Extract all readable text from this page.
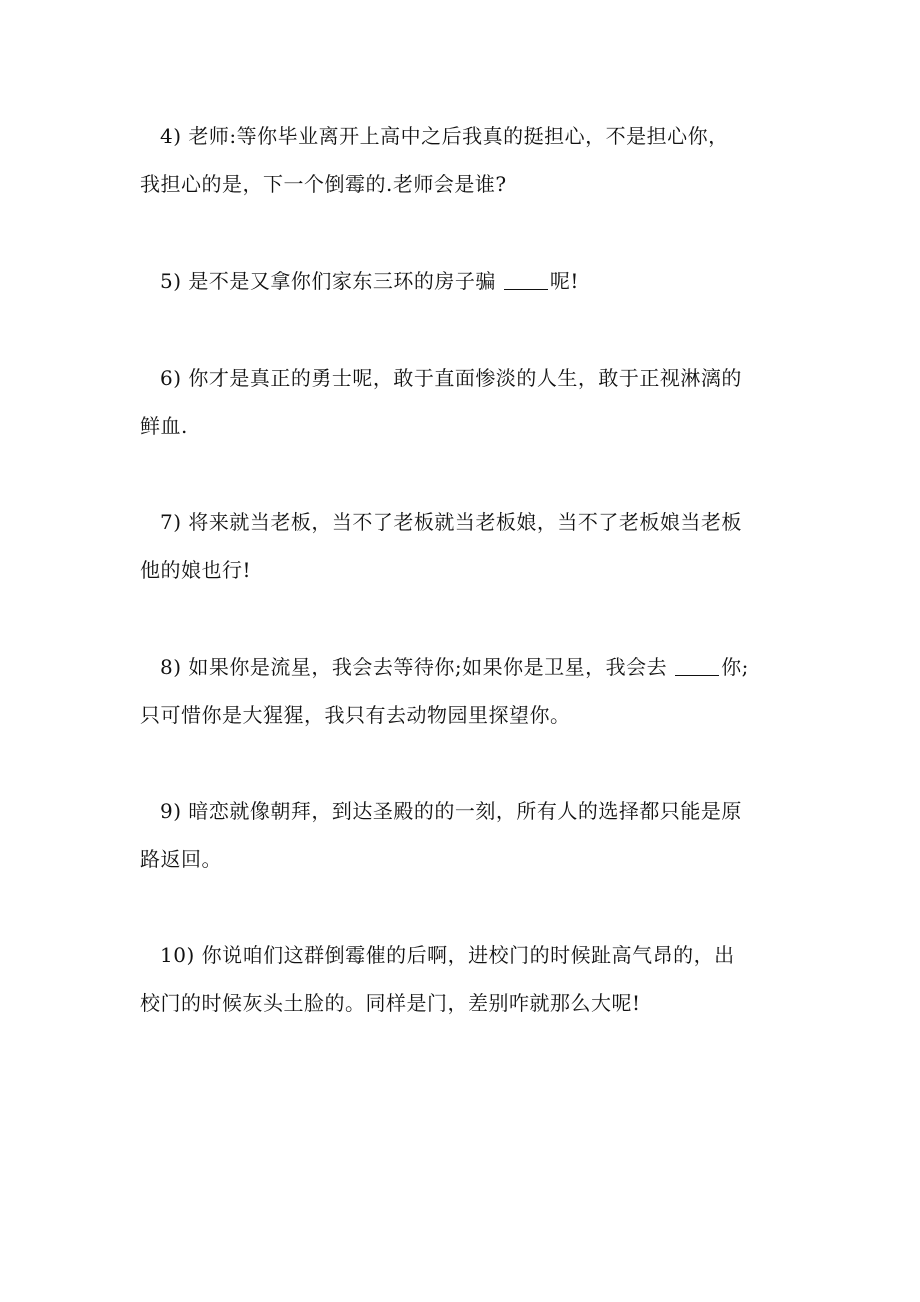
4) 老师:等你毕业离开上高中之后我真的挺担心，不是担心你，
我担心的是，下一个倒霉的.老师会是谁?

5) 是不是又拿你们家东三环的房子骗	呢!

6) 你才是真正的勇士呢，敢于直面惨淡的人生，敢于正视淋漓的
鲜血.

7) 将来就当老板，当不了老板就当老板娘，当不了老板娘当老板
他的娘也行!

8) 如果你是流星，我会去等待你;如果你是卫星，我会去	你;
只可惜你是大猩猩，我只有去动物园里探望你。

9) 暗恋就像朝拜，到达圣殿的的一刻，所有人的选择都只能是原
路返回。

10) 你说咱们这群倒霉催的后啊，进校门的时候趾高气昂的，出
校门的时候灰头土脸的。同样是门，差别咋就那么大呢!
